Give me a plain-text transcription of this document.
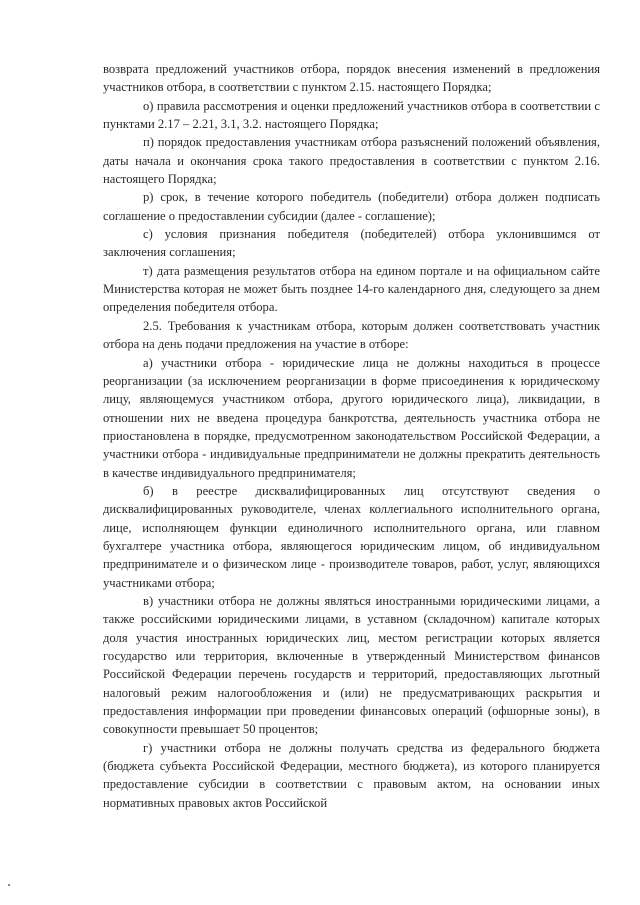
возврата предложений участников отбора, порядок внесения изменений в предложения участников отбора, в соответствии с пунктом 2.15. настоящего Порядка;

о) правила рассмотрения и оценки предложений участников отбора в соответствии с пунктами 2.17 – 2.21, 3.1, 3.2. настоящего Порядка;

п) порядок предоставления участникам отбора разъяснений положений объявления, даты начала и окончания срока такого предоставления в соответствии с пунктом 2.16. настоящего Порядка;

р) срок, в течение которого победитель (победители) отбора должен подписать соглашение о предоставлении субсидии (далее - соглашение);

с) условия признания победителя (победителей) отбора уклонившимся от заключения соглашения;

т) дата размещения результатов отбора на едином портале и на официальном сайте Министерства которая не может быть позднее 14-го календарного дня, следующего за днем определения победителя отбора.

2.5. Требования к участникам отбора, которым должен соответствовать участник отбора на день подачи предложения на участие в отборе:

а) участники отбора - юридические лица не должны находиться в процессе реорганизации (за исключением реорганизации в форме присоединения к юридическому лицу, являющемуся участником отбора, другого юридического лица), ликвидации, в отношении них не введена процедура банкротства, деятельность участника отбора не приостановлена в порядке, предусмотренном законодательством Российской Федерации, а участники отбора - индивидуальные предприниматели не должны прекратить деятельность в качестве индивидуального предпринимателя;

б) в реестре дисквалифицированных лиц отсутствуют сведения о дисквалифицированных руководителе, членах коллегиального исполнительного органа, лице, исполняющем функции единоличного исполнительного органа, или главном бухгалтере участника отбора, являющегося юридическим лицом, об индивидуальном предпринимателе и о физическом лице - производителе товаров, работ, услуг, являющихся участниками отбора;

в) участники отбора не должны являться иностранными юридическими лицами, а также российскими юридическими лицами, в уставном (складочном) капитале которых доля участия иностранных юридических лиц, местом регистрации которых является государство или территория, включенные в утвержденный Министерством финансов Российской Федерации перечень государств и территорий, предоставляющих льготный налоговый режим налогообложения и (или) не предусматривающих раскрытия и предоставления информации при проведении финансовых операций (офшорные зоны), в совокупности превышает 50 процентов;

г) участники отбора не должны получать средства из федерального бюджета (бюджета субъекта Российской Федерации, местного бюджета), из которого планируется предоставление субсидии в соответствии с правовым актом, на основании иных нормативных правовых актов Российской
